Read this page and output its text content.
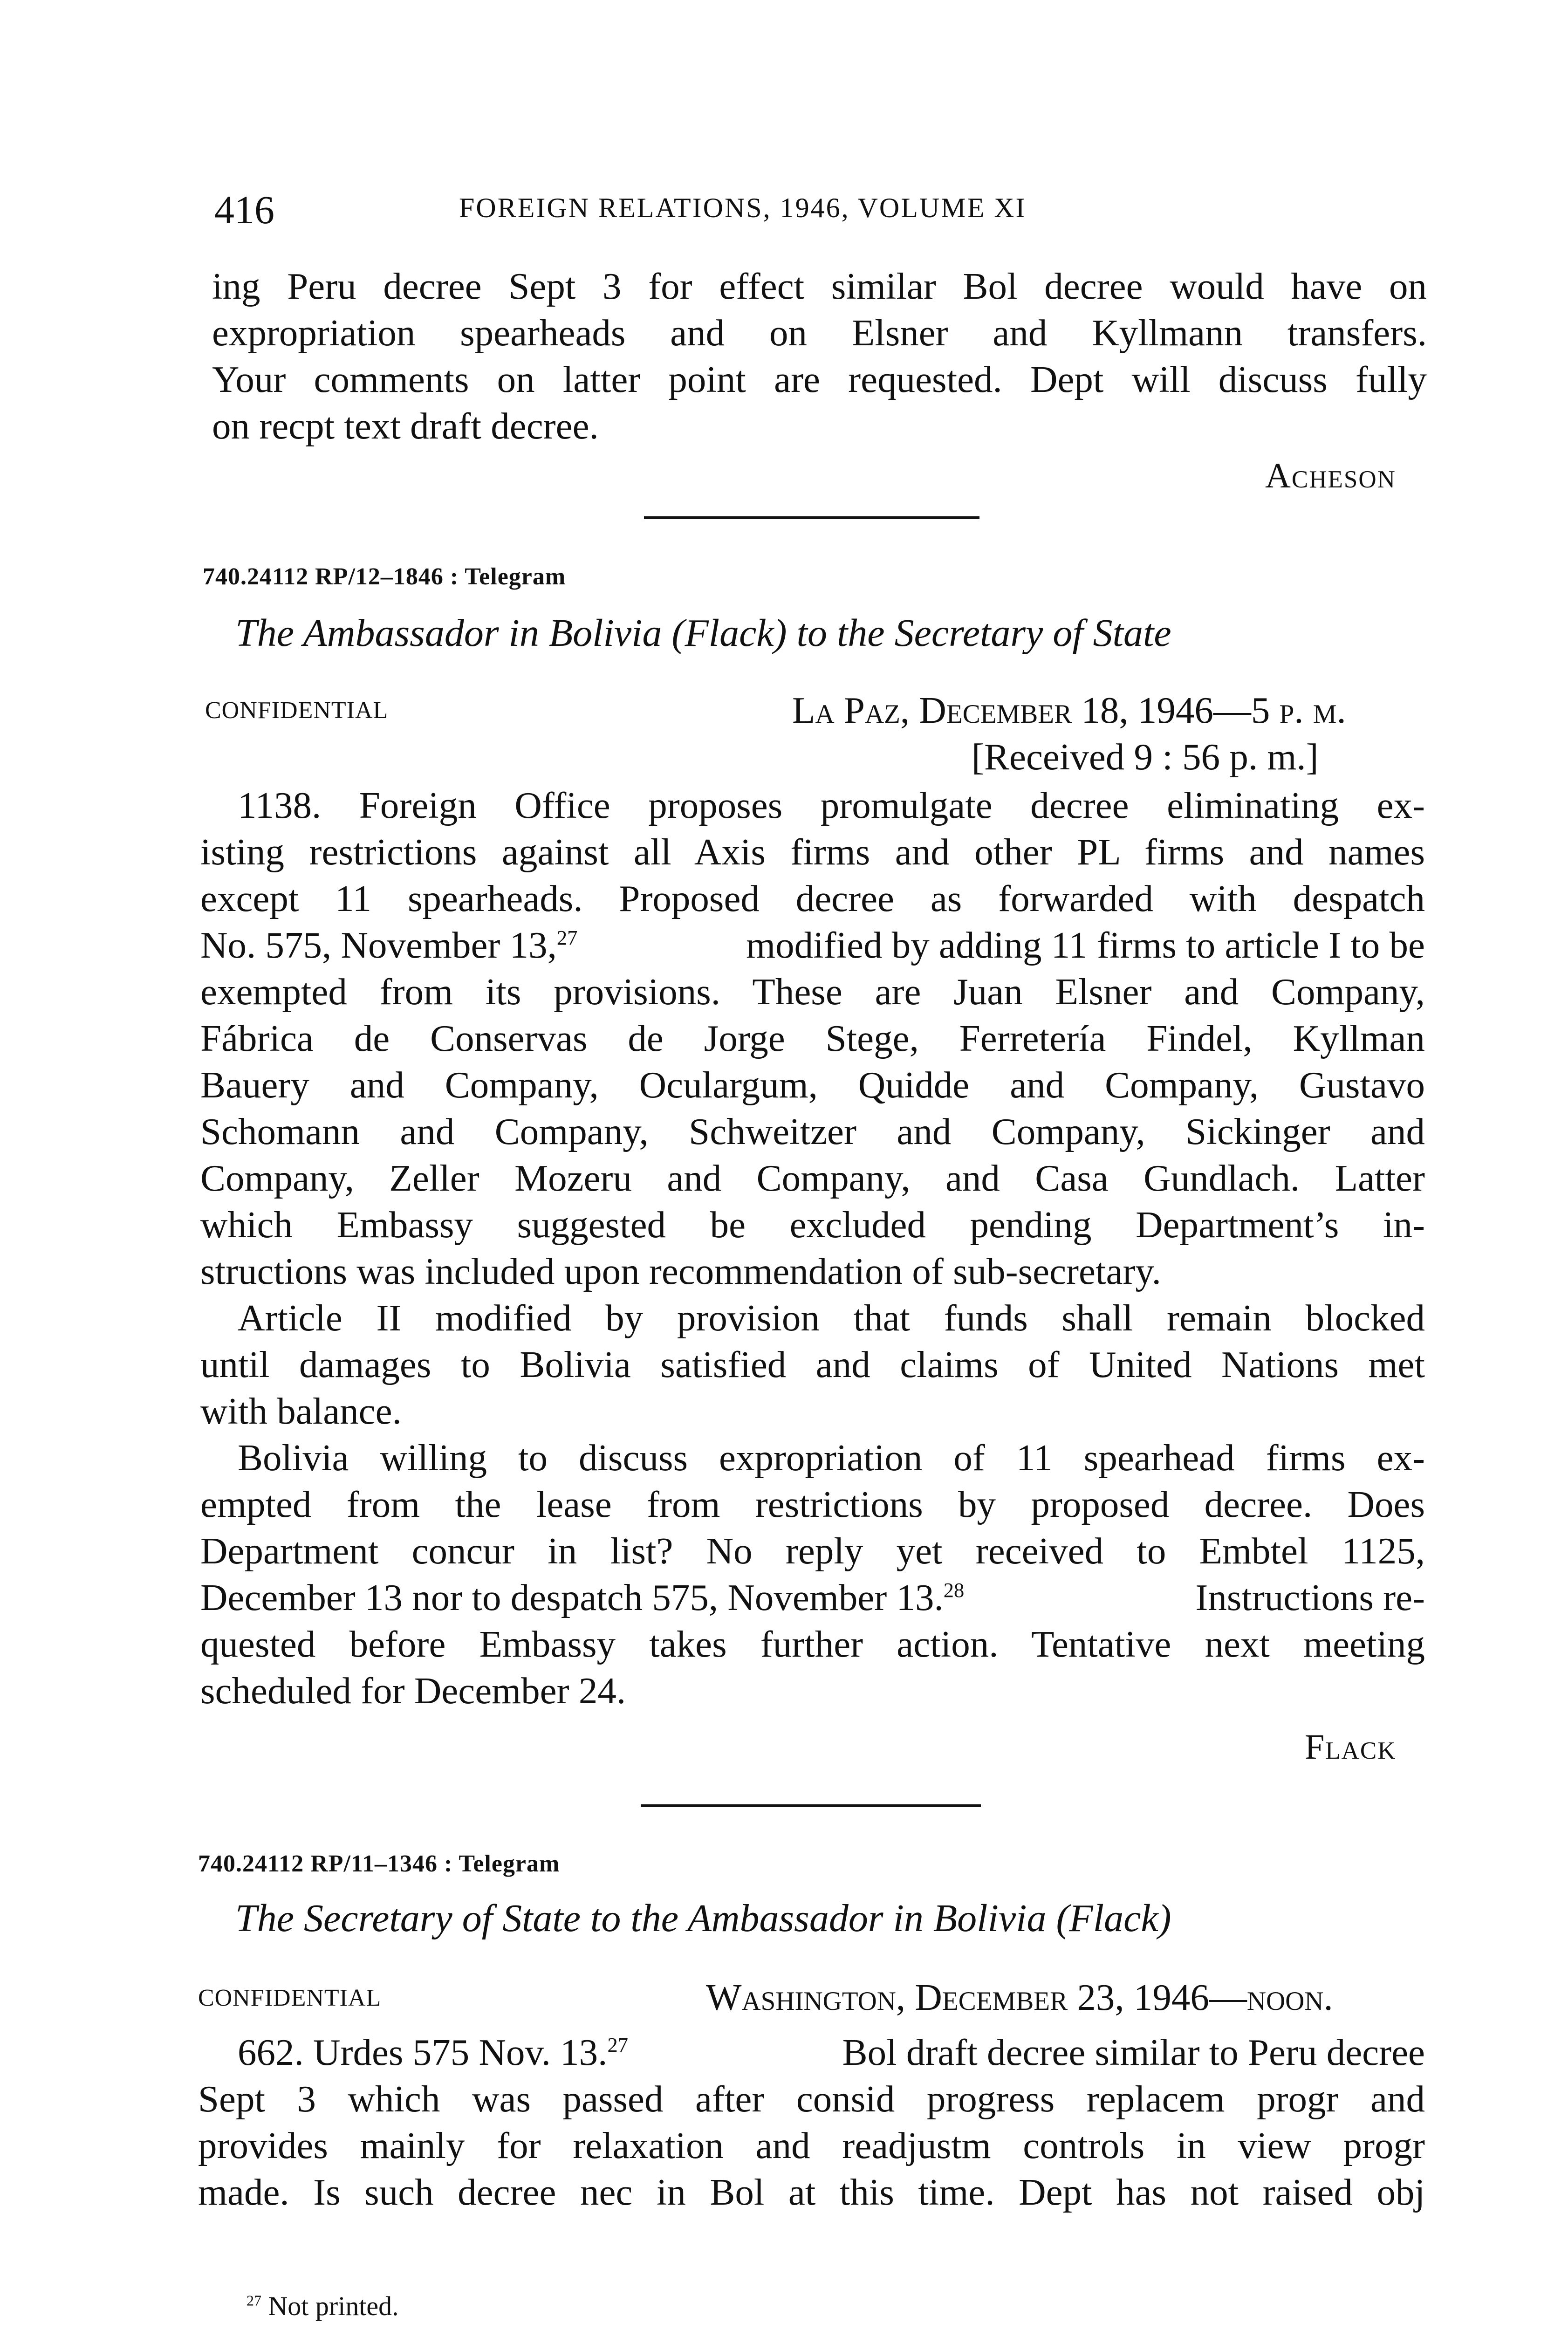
416	FOREIGN RELATIONS, 1946, VOLUME XI
ing Peru decree Sept 3 for effect similar Bol decree would have on
expropriation spearheads and on Elsner and Kyllmann transfers.
Your comments on latter point are requested. Dept will discuss fully
on recpt text draft decree.
Acheson
740.24112 RP/12–1846 : Telegram
The Ambassador in Bolivia (Flack) to the Secretary of State
CONFIDENTIAL	La Paz, December 18, 1946—5 p. m.
[Received 9 : 56 p. m.]
1138. Foreign Office proposes promulgate decree eliminating ex-
isting restrictions against all Axis firms and other PL firms and names
except 11 spearheads. Proposed decree as forwarded with despatch
No. 575, November 13,27	modified by adding 11 firms to article I to be
exempted from its provisions. These are Juan Elsner and Company,
Fábrica de Conservas de Jorge Stege, Ferretería Findel, Kyllman
Bauery and Company, Oculargum, Quidde and Company, Gustavo
Schomann and Company, Schweitzer and Company, Sickinger and
Company, Zeller Mozeru and Company, and Casa Gundlach. Latter
which Embassy suggested be excluded pending Department’s in-
structions was included upon recommendation of sub-secretary.
Article II modified by provision that funds shall remain blocked
until damages to Bolivia satisfied and claims of United Nations met
with balance.
Bolivia willing to discuss expropriation of 11 spearhead firms ex-
empted from the lease from restrictions by proposed decree. Does
Department concur in list? No reply yet received to Embtel 1125,
December 13 nor to despatch 575, November 13.28	Instructions re-
quested before Embassy takes further action. Tentative next meeting
scheduled for December 24.
Flack
740.24112 RP/11–1346 : Telegram
The Secretary of State to the Ambassador in Bolivia (Flack)
CONFIDENTIAL	Washington, December 23, 1946—noon.
662. Urdes 575 Nov. 13.27	Bol draft decree similar to Peru decree
Sept 3 which was passed after consid progress replacem progr and
provides mainly for relaxation and readjustm controls in view progr
made. Is such decree nec in Bol at this time. Dept has not raised obj

$^{27}$ Not printed.
